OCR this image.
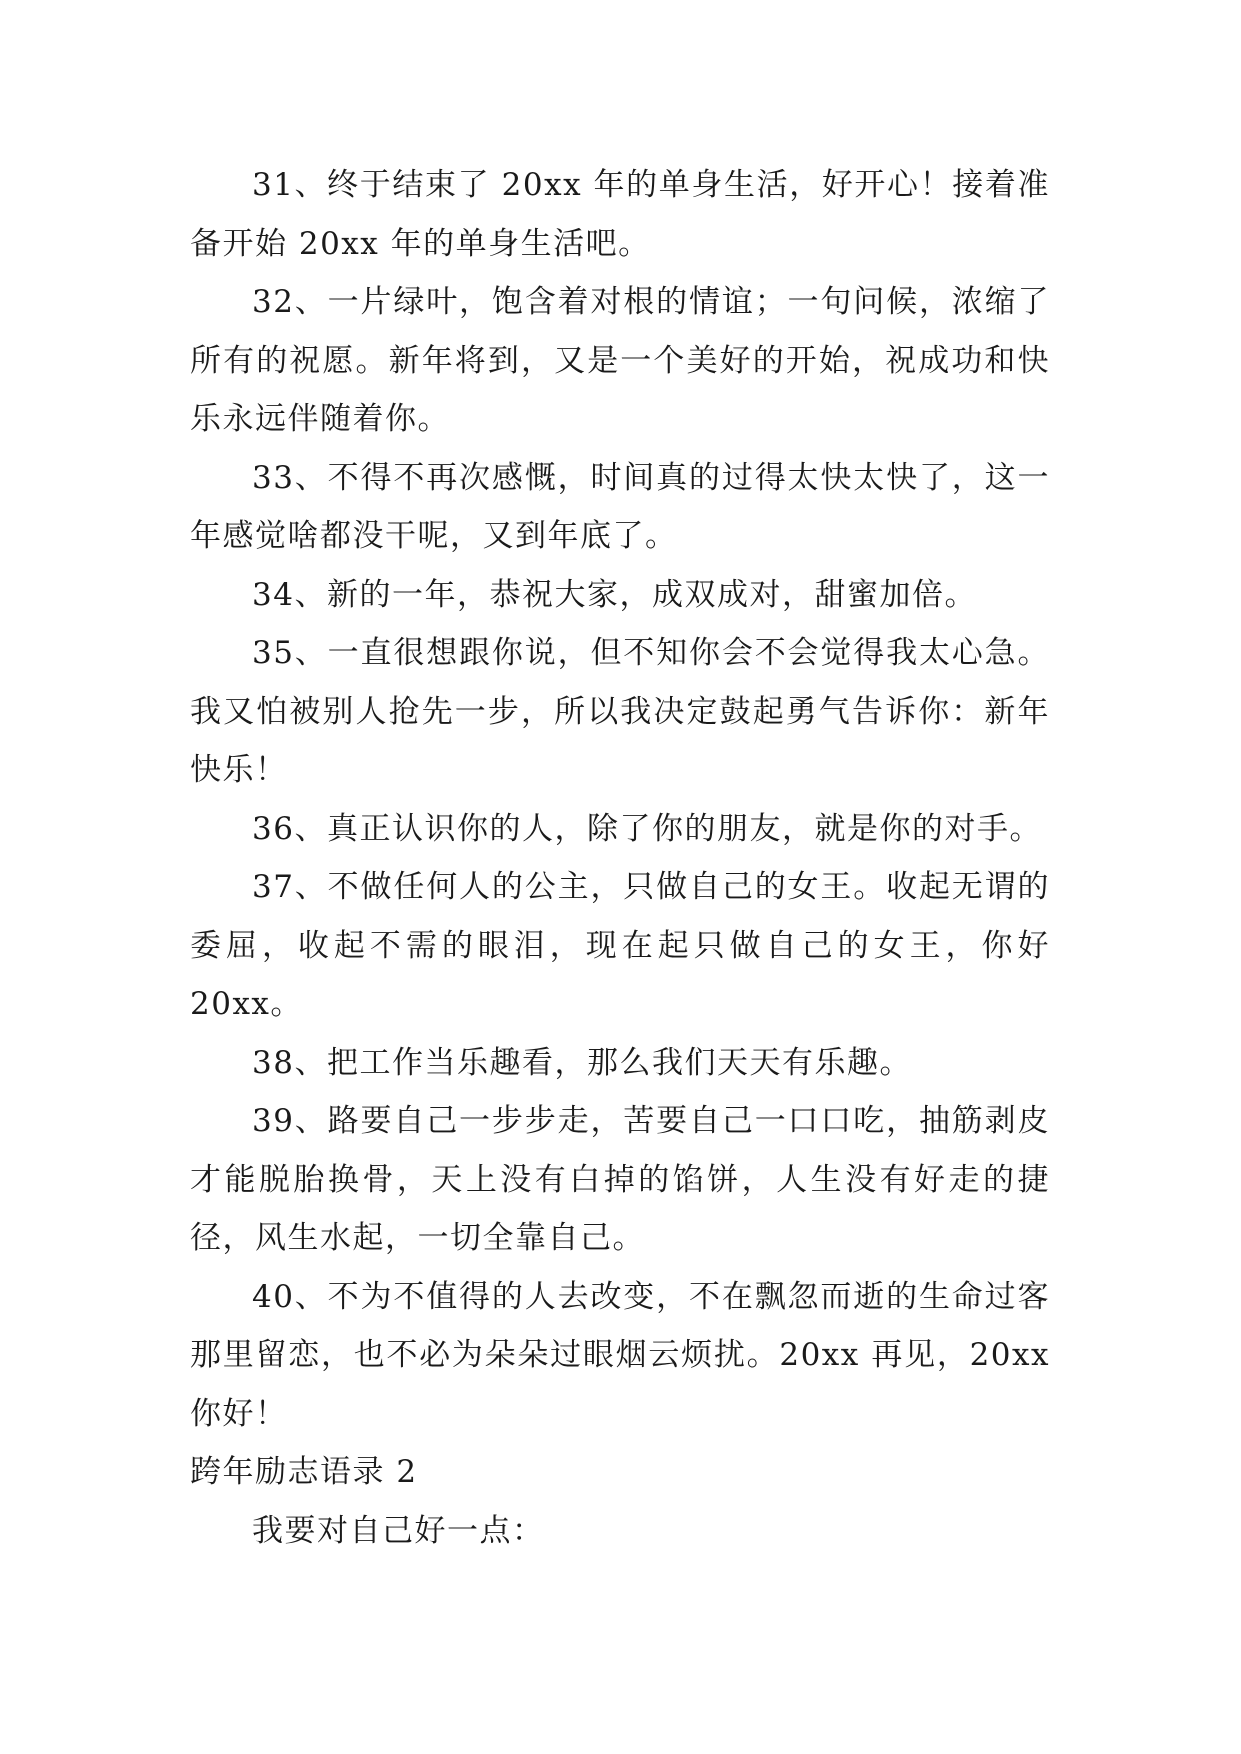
31、终于结束了 20xx 年的单身生活，好开心！接着准备开始 20xx 年的单身生活吧。

32、一片绿叶，饱含着对根的情谊；一句问候，浓缩了所有的祝愿。新年将到，又是一个美好的开始，祝成功和快乐永远伴随着你。

33、不得不再次感慨，时间真的过得太快太快了，这一年感觉啥都没干呢，又到年底了。

34、新的一年，恭祝大家，成双成对，甜蜜加倍。

35、一直很想跟你说，但不知你会不会觉得我太心急。我又怕被别人抢先一步，所以我决定鼓起勇气告诉你：新年快乐！

36、真正认识你的人，除了你的朋友，就是你的对手。

37、不做任何人的公主，只做自己的女王。收起无谓的委屈，收起不需的眼泪，现在起只做自己的女王，你好 20xx。

38、把工作当乐趣看，那么我们天天有乐趣。

39、路要自己一步步走，苦要自己一口口吃，抽筋剥皮才能脱胎换骨，天上没有白掉的馅饼，人生没有好走的捷径，风生水起，一切全靠自己。

40、不为不值得的人去改变，不在飘忽而逝的生命过客那里留恋，也不必为朵朵过眼烟云烦扰。20xx 再见，20xx 你好！

跨年励志语录 2

我要对自己好一点：
